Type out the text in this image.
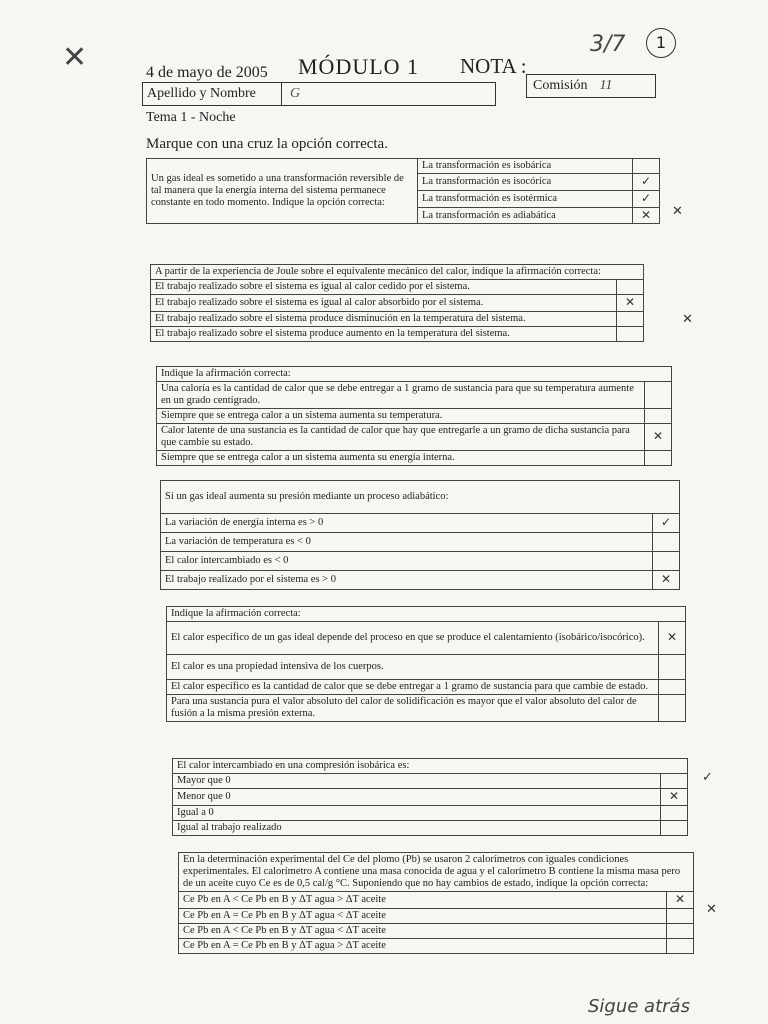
✕	4 de mayo de 2005 MÓDULO 1 NOTA :
3/7	1
Apellido y Nombre	G
Comisión 11
Tema 1 - Noche
Marque con una cruz la opción correcta.
Un gas ideal es sometido a una transformación reversible de tal manera que la energía interna del sistema permanece constante en todo momento. Indique la opción correcta:	La transformación es isobárica	
	La transformación es isocórica	✓
	La transformación es isotérmica	✓
	La transformación es adiabática	✕ ✕
A partir de la experiencia de Joule sobre el equivalente mecánico del calor, indique la afirmación correcta:	
El trabajo realizado sobre el sistema es igual al calor cedido por el sistema.	
El trabajo realizado sobre el sistema es igual al calor absorbido por el sistema.	✕
El trabajo realizado sobre el sistema produce disminución en la temperatura del sistema.	
El trabajo realizado sobre el sistema produce aumento en la temperatura del sistema.	
✕
Indique la afirmación correcta:	
Una caloría es la cantidad de calor que se debe entregar a 1 gramo de sustancia para que su temperatura aumente en un grado centígrado.	
Siempre que se entrega calor a un sistema aumenta su temperatura.	
Calor latente de una sustancia es la cantidad de calor que hay que entregarle a un gramo de dicha sustancia para que cambie su estado.	✕
Siempre que se entrega calor a un sistema aumenta su energía interna.	
Si un gas ideal aumenta su presión mediante un proceso adiabático:	
La variación de energía interna es > 0	✓
La variación de temperatura es < 0	
El calor intercambiado es < 0	
El trabajo realizado por el sistema es > 0	✕
Indique la afirmación correcta:	
El calor específico de un gas ideal depende del proceso en que se produce el calentamiento (isobárico/isocórico).	✕
El calor es una propiedad intensiva de los cuerpos.	
El calor específico es la cantidad de calor que se debe entregar a 1 gramo de sustancia para que cambie de estado.	
Para una sustancia pura el valor absoluto del calor de solidificación es mayor que el valor absoluto del calor de fusión a la misma presión externa.	
El calor intercambiado en una compresión isobárica es:	
Mayor que 0	
Menor que 0	✕
Igual a 0	
Igual al trabajo realizado	
✓
En la determinación experimental del Ce del plomo (Pb) se usaron 2 calorímetros con iguales condiciones experimentales. El calorímetro A contiene una masa conocida de agua y el calorímetro B contiene la misma masa pero de un aceite cuyo Ce es de 0,5 cal/g °C. Suponiendo que no hay cambios de estado, indique la opción correcta:	
Ce Pb en A < Ce Pb en B y ΔT agua > ΔT aceite	✕
Ce Pb en A = Ce Pb en B y ΔT agua < ΔT aceite	
Ce Pb en A < Ce Pb en B y ΔT agua < ΔT aceite	
Ce Pb en A = Ce Pb en B y ΔT agua > ΔT aceite	
✕
Sigue atrás
